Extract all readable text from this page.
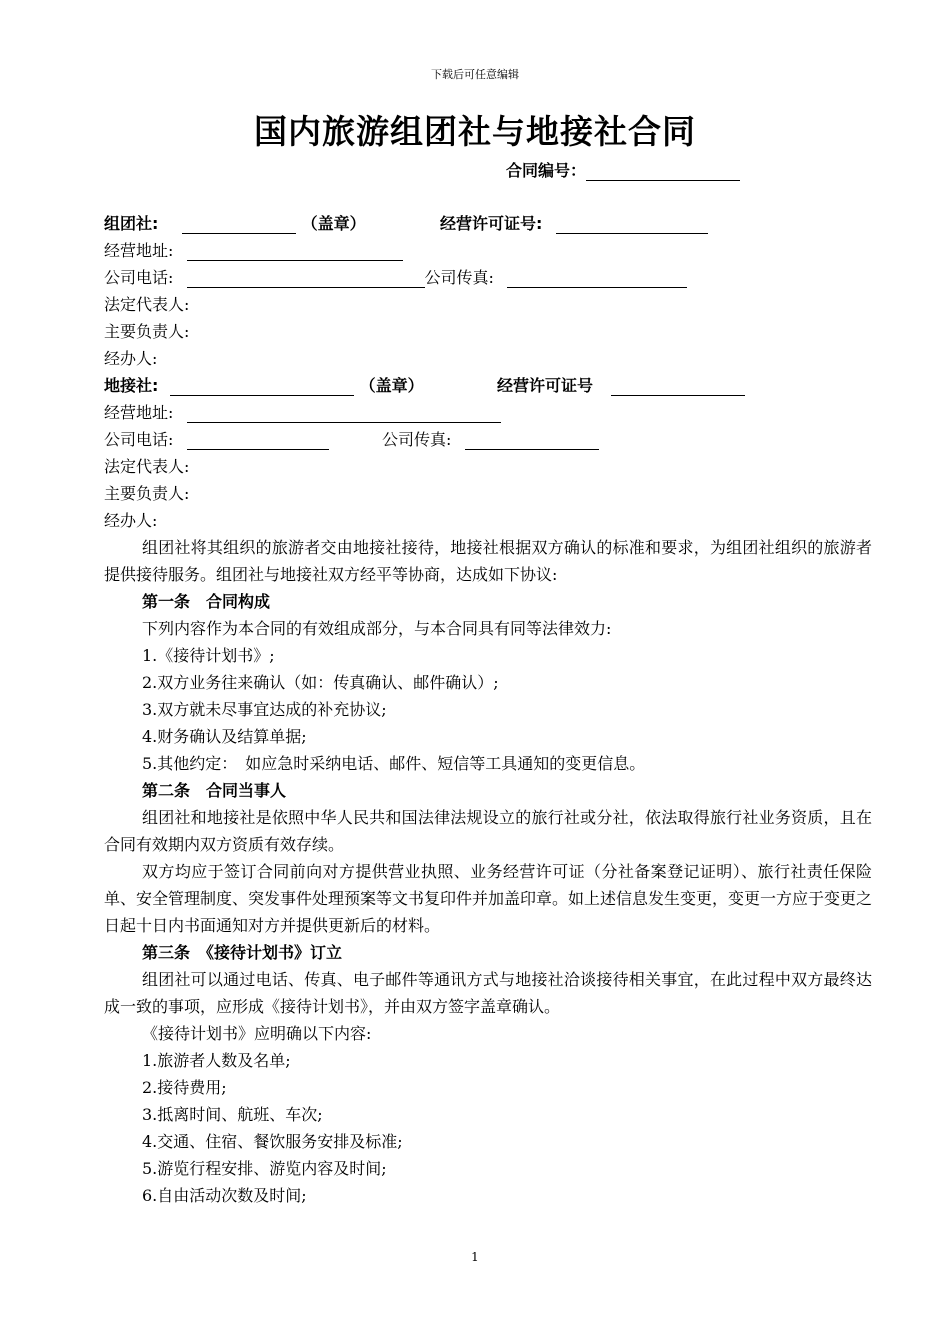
下载后可任意编辑
国内旅游组团社与地接社合同
合同编号：
组团社:	（盖章）	经营许可证号:
经营地址:
公司电话:	公司传真:
法定代表人:
主要负责人:
经办人:
地接社:	（盖章）	经营许可证号
经营地址:
公司电话:	公司传真:
法定代表人:
主要负责人:
经办人:
组团社将其组织的旅游者交由地接社接待，地接社根据双方确认的标准和要求，为组团社组织的旅游者提供接待服务。组团社与地接社双方经平等协商，达成如下协议:
第一条　合同构成
下列内容作为本合同的有效组成部分，与本合同具有同等法律效力:
1.《接待计划书》;
2.双方业务往来确认（如：传真确认、邮件确认）;
3.双方就未尽事宜达成的补充协议;
4.财务确认及结算单据;
5.其他约定：　如应急时采纳电话、邮件、短信等工具通知的变更信息。
第二条　合同当事人
组团社和地接社是依照中华人民共和国法律法规设立的旅行社或分社，依法取得旅行社业务资质，且在合同有效期内双方资质有效存续。
双方均应于签订合同前向对方提供营业执照、业务经营许可证（分社备案登记证明）、旅行社责任保险单、安全管理制度、突发事件处理预案等文书复印件并加盖印章。如上述信息发生变更，变更一方应于变更之日起十日内书面通知对方并提供更新后的材料。
第三条　《接待计划书》订立
组团社可以通过电话、传真、电子邮件等通讯方式与地接社洽谈接待相关事宜，在此过程中双方最终达成一致的事项，应形成《接待计划书》，并由双方签字盖章确认。
《接待计划书》应明确以下内容:
1.旅游者人数及名单;
2.接待费用;
3.抵离时间、航班、车次;
4.交通、住宿、餐饮服务安排及标准;
5.游览行程安排、游览内容及时间;
6.自由活动次数及时间;
1
